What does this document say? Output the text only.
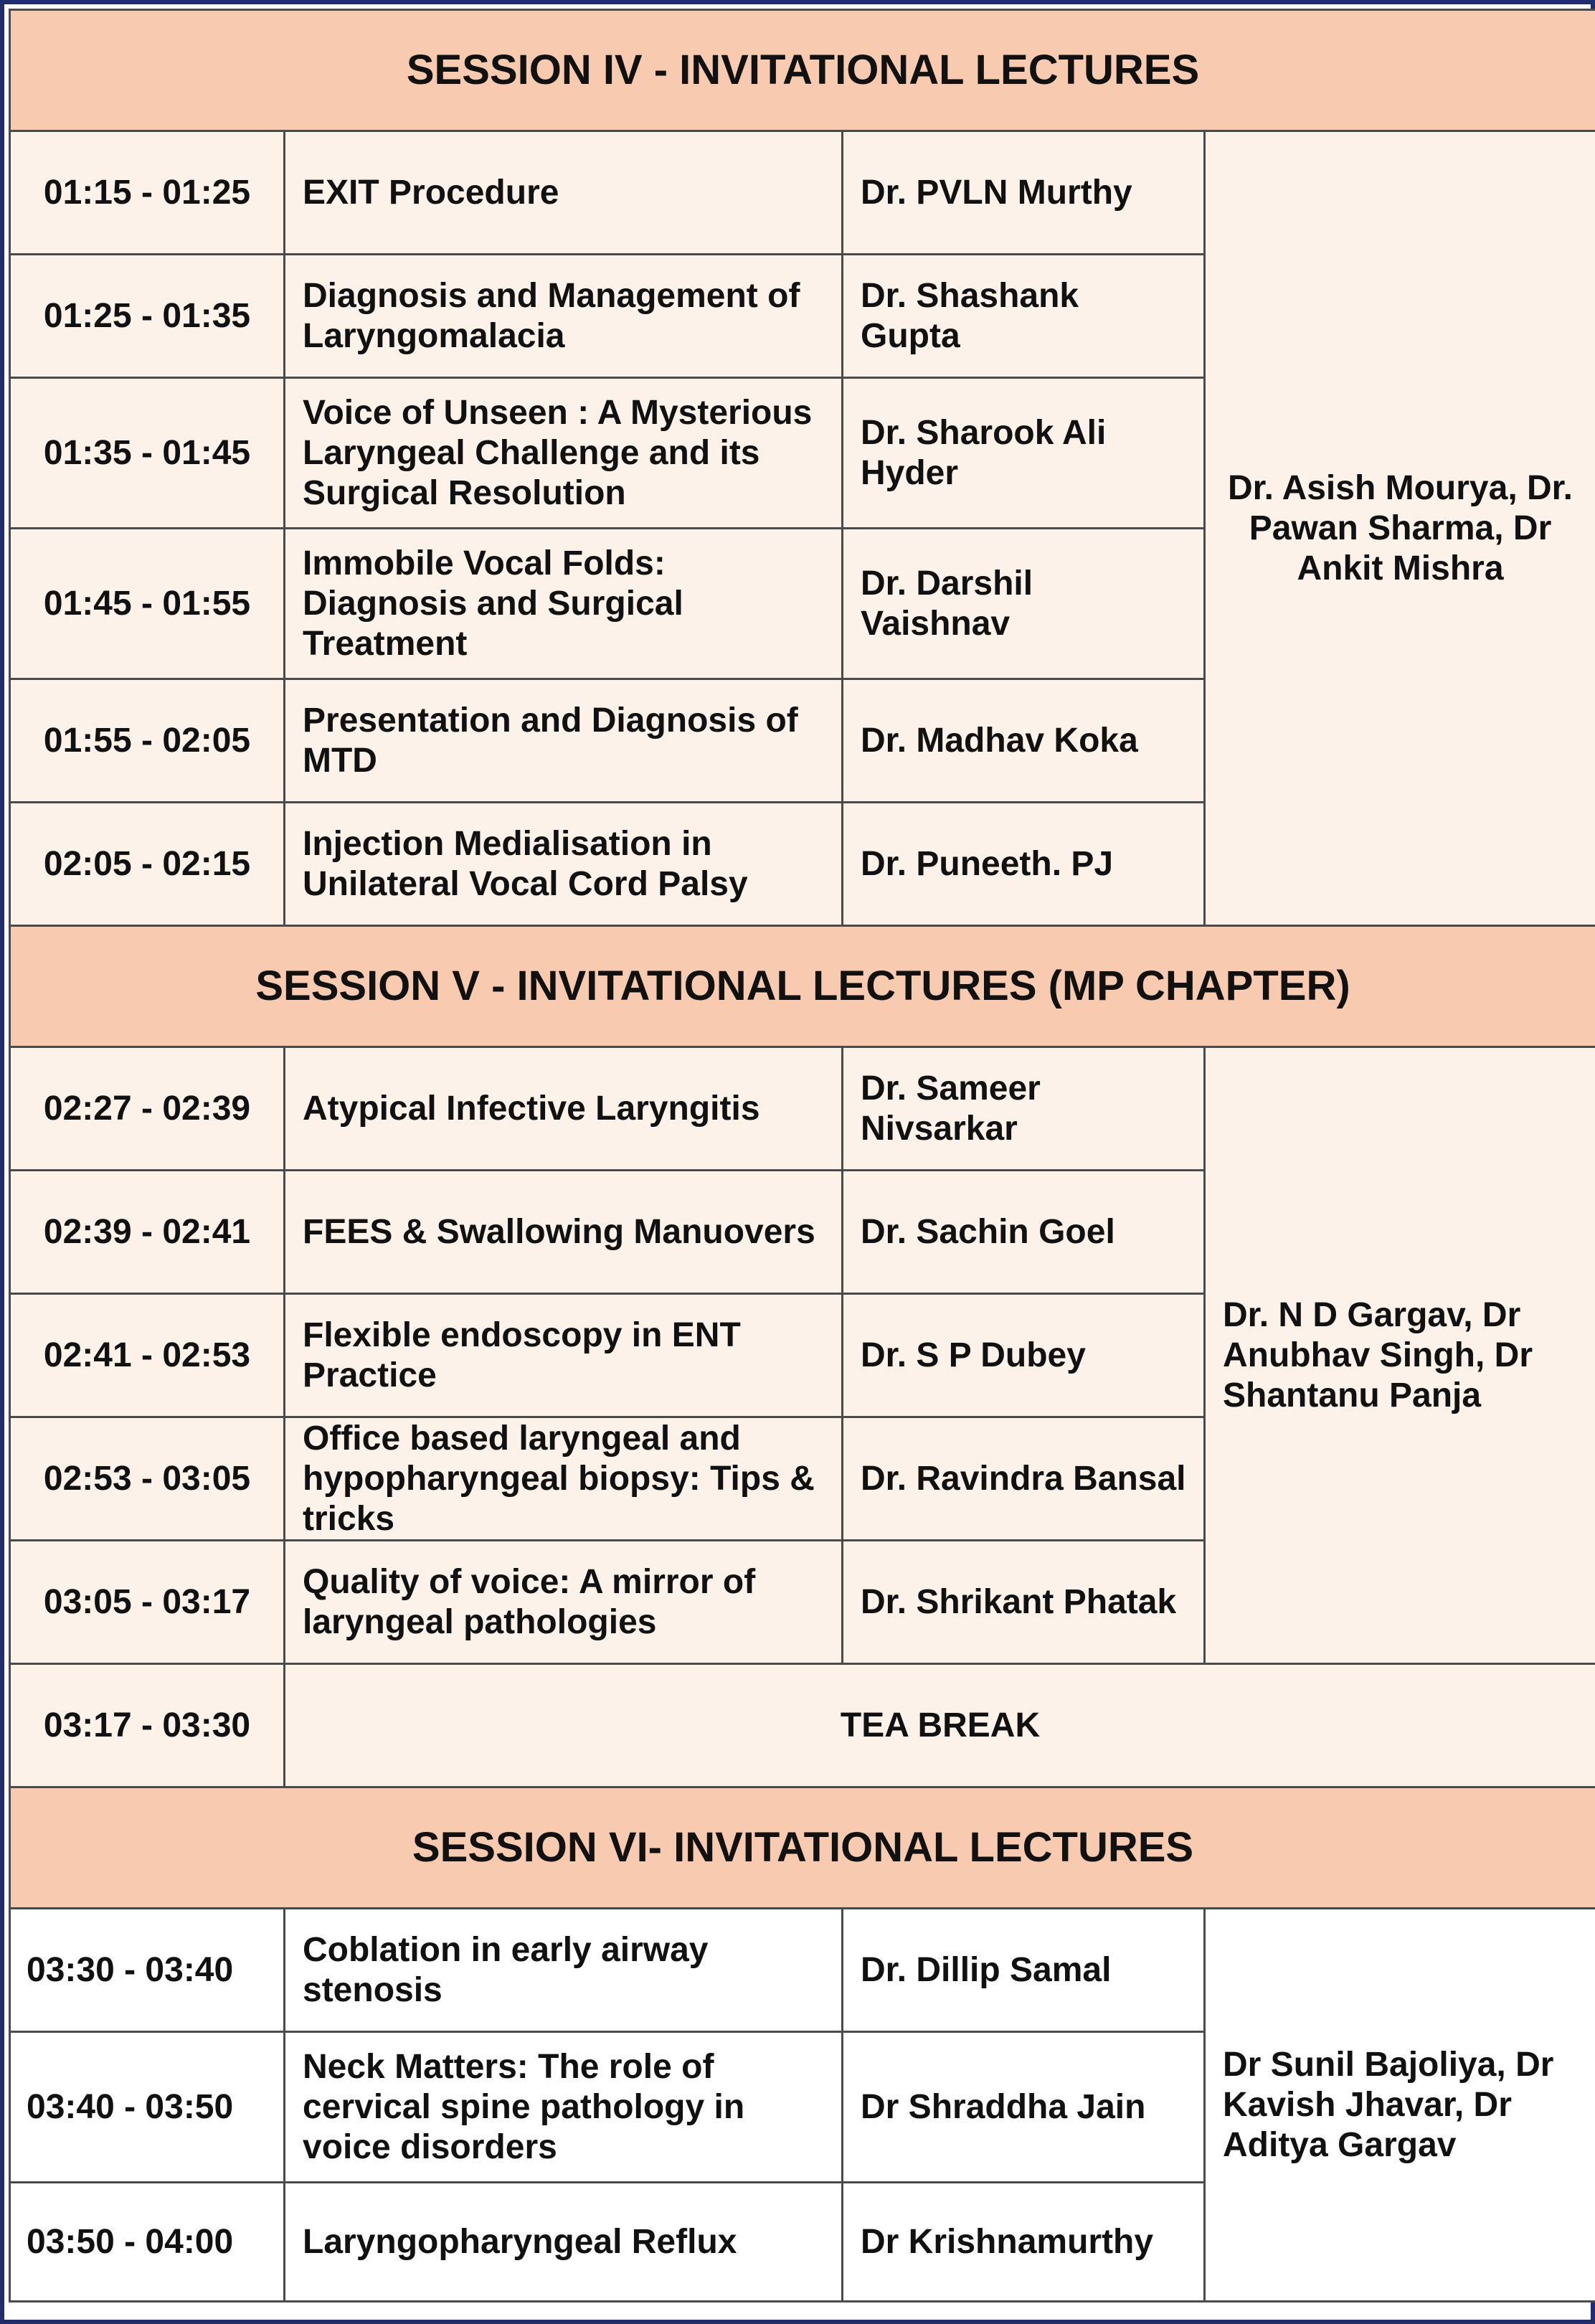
SESSION IV - INVITATIONAL LECTURES			
01:15 - 01:25	EXIT Procedure	Dr. PVLN Murthy	Dr. Asish Mourya, Dr. Pawan Sharma, Dr Ankit Mishra
01:25 - 01:35	Diagnosis and Management of Laryngomalacia	Dr. Shashank Gupta	
01:35 - 01:45	Voice of Unseen : A Mysterious Laryngeal Challenge and its Surgical Resolution	Dr. Sharook Ali Hyder	
01:45 - 01:55	Immobile Vocal Folds: Diagnosis and Surgical Treatment	Dr. Darshil Vaishnav	
01:55 - 02:05	Presentation and Diagnosis of MTD	Dr. Madhav Koka	
02:05 - 02:15	Injection Medialisation in Unilateral Vocal Cord Palsy	Dr. Puneeth. PJ	
SESSION V - INVITATIONAL LECTURES (MP CHAPTER)			
02:27 - 02:39	Atypical Infective Laryngitis	Dr. Sameer Nivsarkar	Dr. N D Gargav, Dr Anubhav Singh, Dr Shantanu Panja
02:39 - 02:41	FEES & Swallowing Manuovers	Dr. Sachin Goel	
02:41 - 02:53	Flexible endoscopy in ENT Practice	Dr. S P Dubey	
02:53 - 03:05	Office based laryngeal and hypopharyngeal biopsy: Tips & tricks	Dr. Ravindra Bansal	
03:05 - 03:17	Quality of voice: A mirror of laryngeal pathologies	Dr. Shrikant Phatak	
03:17 - 03:30	TEA BREAK		
SESSION VI- INVITATIONAL LECTURES			
03:30 - 03:40	Coblation in early airway stenosis	Dr. Dillip Samal	Dr Sunil Bajoliya, Dr Kavish Jhavar, Dr Aditya Gargav
03:40 - 03:50	Neck Matters: The role of cervical spine pathology in voice disorders	Dr Shraddha Jain	
03:50 - 04:00	Laryngopharyngeal Reflux	Dr Krishnamurthy	
